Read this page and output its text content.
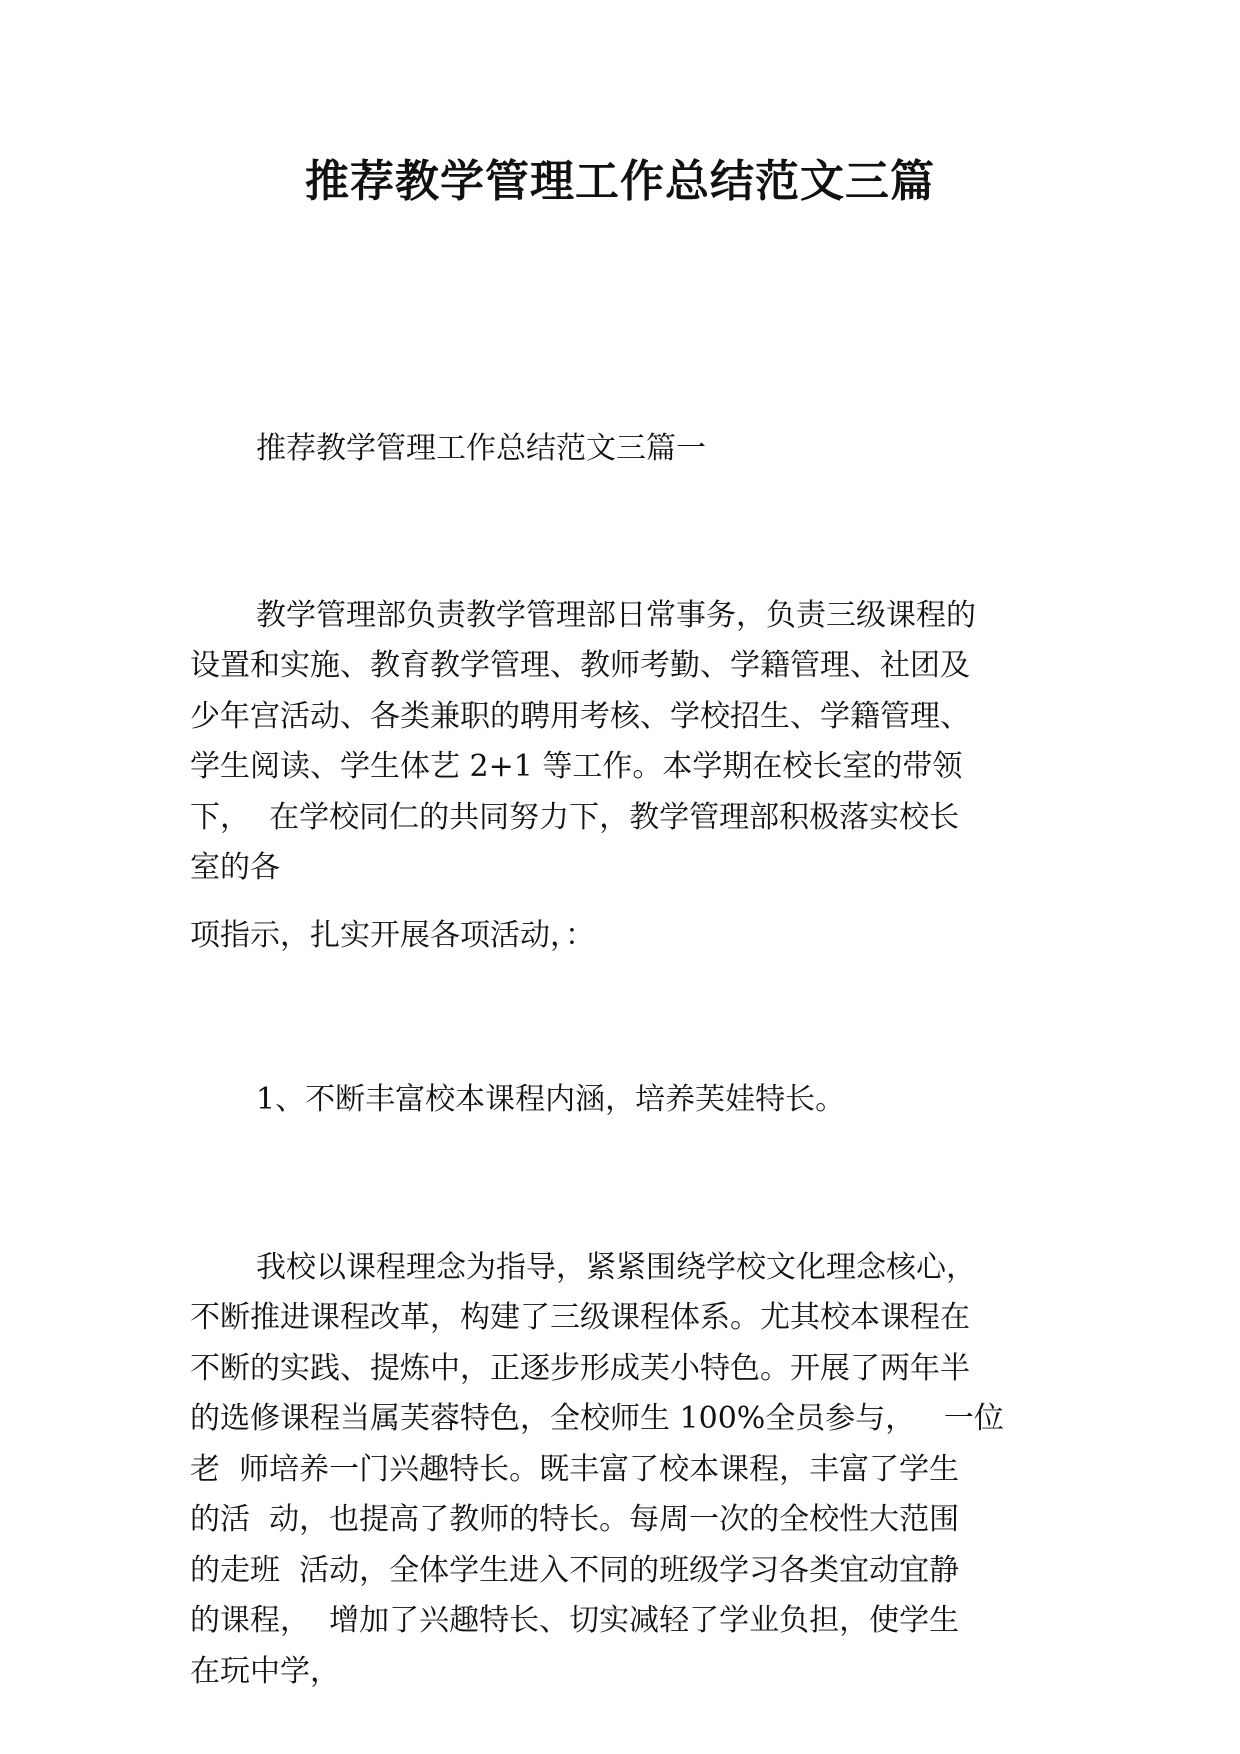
推荐教学管理工作总结范文三篇
推荐教学管理工作总结范文三篇一
教学管理部负责教学管理部日常事务，负责三级课程的
设置和实施、教育教学管理、教师考勤、学籍管理、社团及
少年宫活动、各类兼职的聘用考核、学校招生、学籍管理、
学生阅读、学生体艺 2+1 等工作。本学期在校长室的带领
下，  在学校同仁的共同努力下，教学管理部积极落实校长
室的各
项指示，扎实开展各项活动，：
1、不断丰富校本课程内涵，培养芙娃特长。
我校以课程理念为指导，紧紧围绕学校文化理念核心，
不断推进课程改革，构建了三级课程体系。尤其校本课程在
不断的实践、提炼中，正逐步形成芙小特色。开展了两年半
的选修课程当属芙蓉特色，全校师生 100%全员参与，   一位
老  师培养一门兴趣特长。既丰富了校本课程，丰富了学生
的活  动，也提高了教师的特长。每周一次的全校性大范围
的走班  活动，全体学生进入不同的班级学习各类宜动宜静
的课程，  增加了兴趣特长、切实减轻了学业负担，使学生
在玩中学，
